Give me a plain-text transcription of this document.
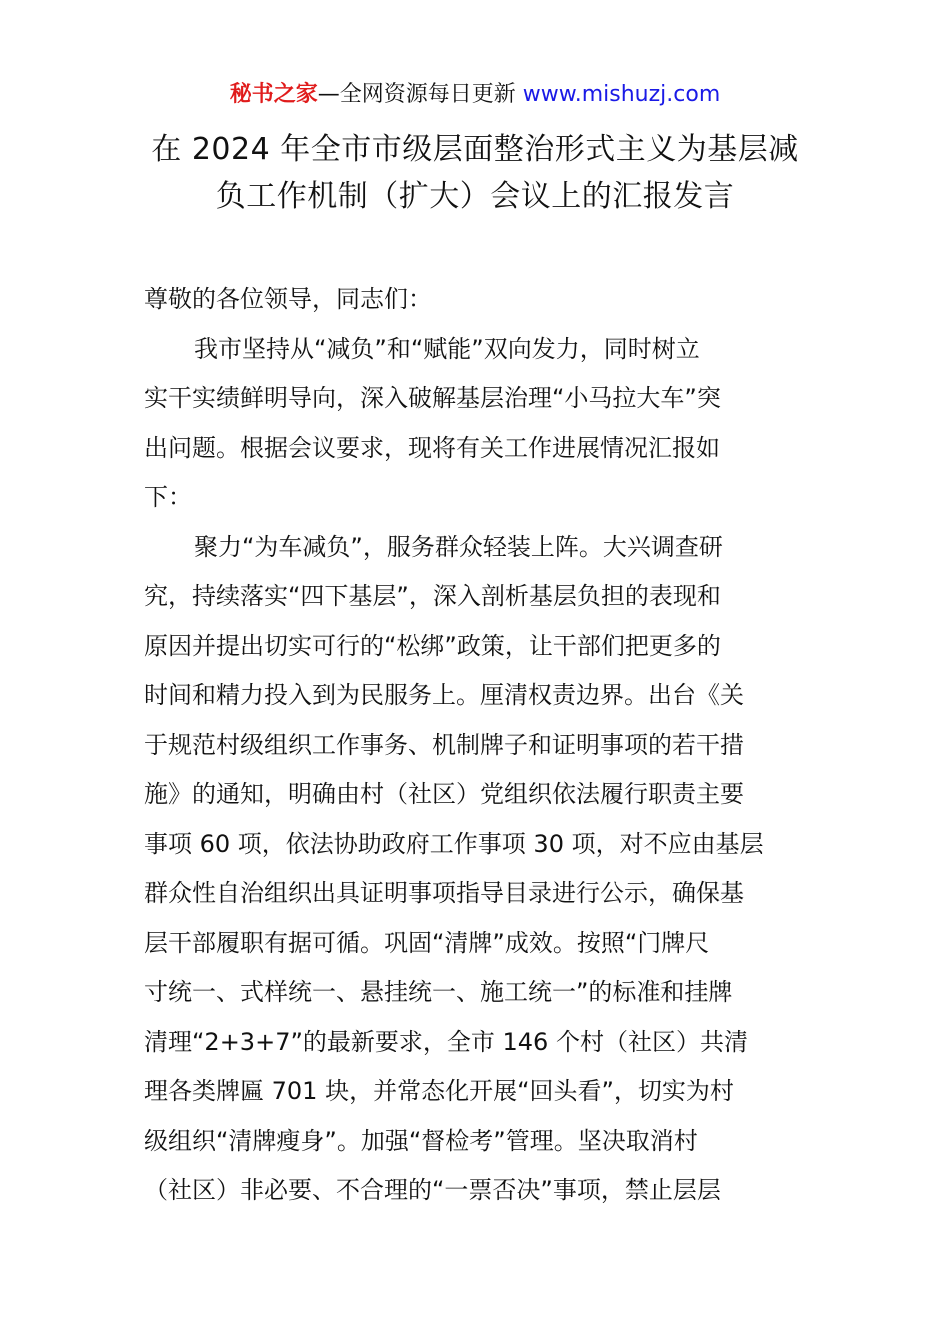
秘书之家—全网资源每日更新 www.mishuzj.com
在 2024 年全市市级层面整治形式主义为基层减
负工作机制（扩大）会议上的汇报发言
尊敬的各位领导，同志们：
我市坚持从“减负”和“赋能”双向发力，同时树立
实干实绩鲜明导向，深入破解基层治理“小马拉大车”突
出问题。根据会议要求，现将有关工作进展情况汇报如
下：
聚力“为车减负”，服务群众轻装上阵。大兴调查研
究，持续落实“四下基层”，深入剖析基层负担的表现和
原因并提出切实可行的“松绑”政策，让干部们把更多的
时间和精力投入到为民服务上。厘清权责边界。出台《关
于规范村级组织工作事务、机制牌子和证明事项的若干措
施》的通知，明确由村（社区）党组织依法履行职责主要
事项 60 项，依法协助政府工作事项 30 项，对不应由基层
群众性自治组织出具证明事项指导目录进行公示，确保基
层干部履职有据可循。巩固“清牌”成效。按照“门牌尺
寸统一、式样统一、悬挂统一、施工统一”的标准和挂牌
清理“2+3+7”的最新要求，全市 146 个村（社区）共清
理各类牌匾 701 块，并常态化开展“回头看”，切实为村
级组织“清牌瘦身”。加强“督检考”管理。坚决取消村
（社区）非必要、不合理的“一票否决”事项，禁止层层
